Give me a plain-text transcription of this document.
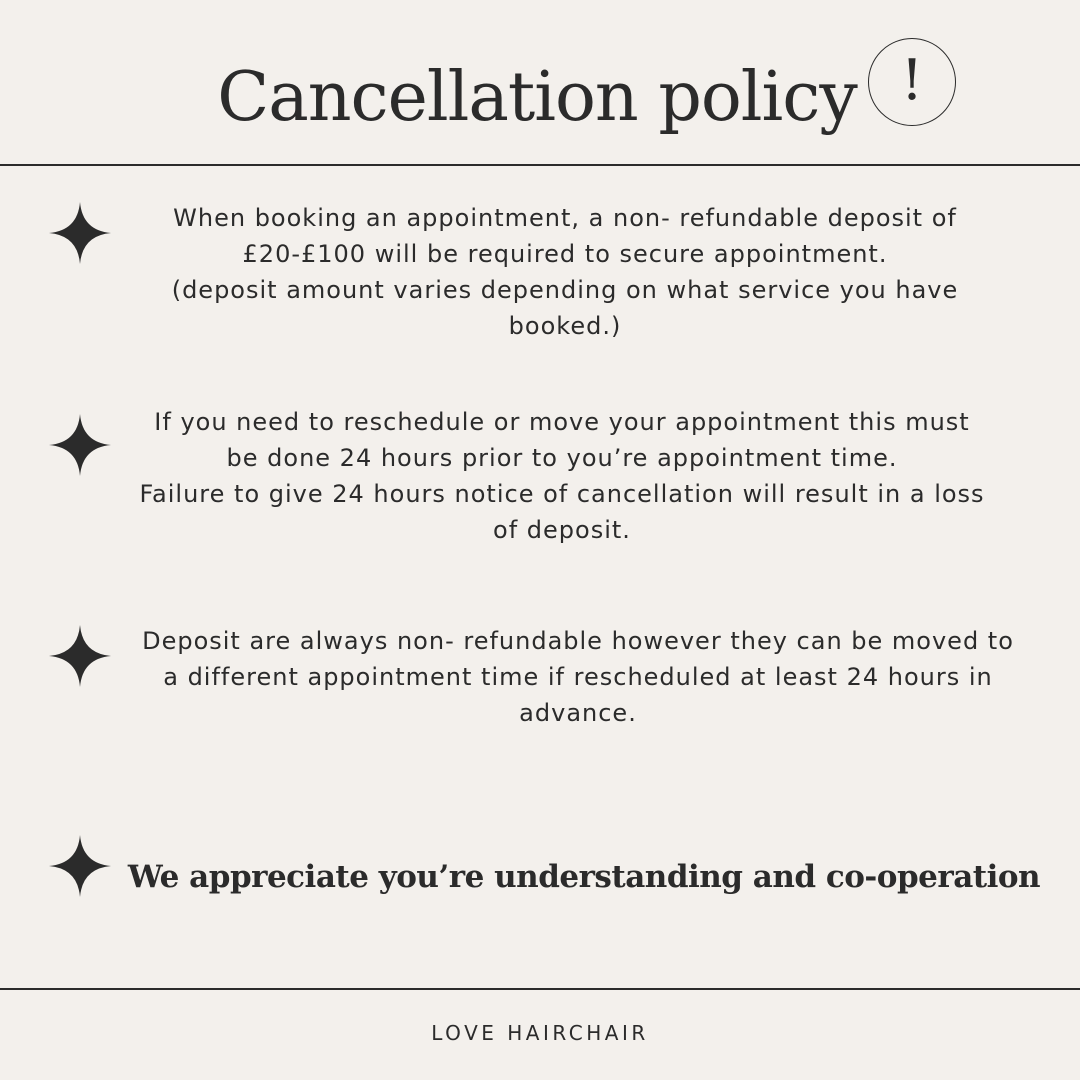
Cancellation policy !
When booking an appointment, a non- refundable deposit of
£20-£100 will be required to secure appointment.
(deposit amount varies depending on what service you have
booked.)
If you need to reschedule or move your appointment this must
be done 24 hours prior to you’re appointment time.
Failure to give 24 hours notice of cancellation will result in a loss
of deposit.
Deposit are always non- refundable however they can be moved to
a different appointment time if rescheduled at least 24 hours in
advance.

We appreciate you’re understanding and co-operation

LOVE HAIRCHAIR
